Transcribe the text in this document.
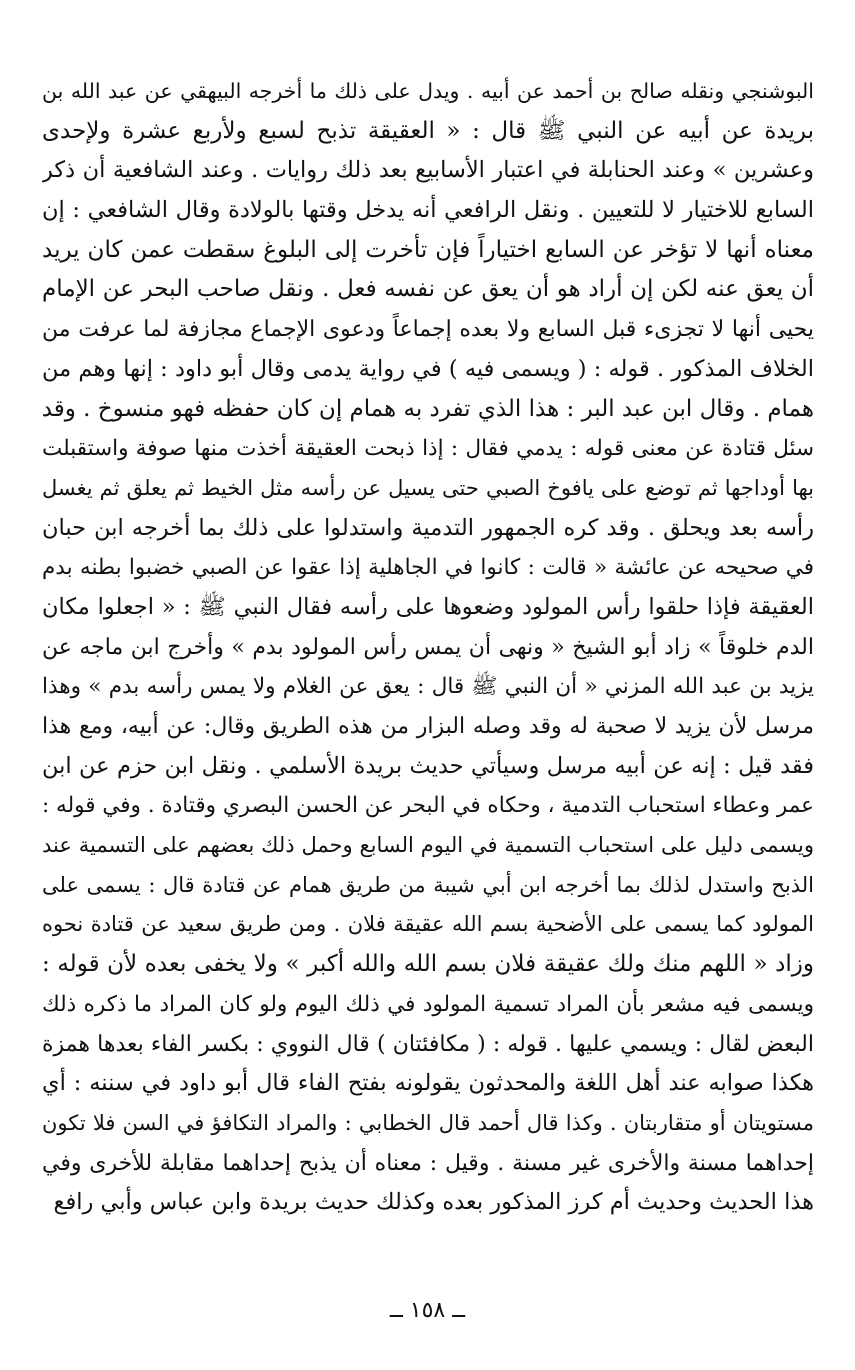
البوشنجي ونقله صالح بن أحمد عن أبيه . ويدل على ذلك ما أخرجه البيهقي عن عبد الله بن
بريدة عن أبيه عن النبي ﷺ قال : « العقيقة تذبح لسبع ولأربع عشرة ولإحدى
وعشرين » وعند الحنابلة في اعتبار الأسابيع بعد ذلك روايات . وعند الشافعية أن ذكر
السابع للاختيار لا للتعيين . ونقل الرافعي أنه يدخل وقتها بالولادة وقال الشافعي : إن
معناه أنها لا تؤخر عن السابع اختياراً فإن تأخرت إلى البلوغ سقطت عمن كان يريد
أن يعق عنه لكن إن أراد هو أن يعق عن نفسه فعل . ونقل صاحب البحر عن الإمام
يحيى أنها لا تجزىء قبل السابع ولا بعده إجماعاً ودعوى الإجماع مجازفة لما عرفت من
الخلاف المذكور . قوله : ( ويسمى فيه ) في رواية يدمى وقال أبو داود : إنها وهم من
همام . وقال ابن عبد البر : هذا الذي تفرد به همام إن كان حفظه فهو منسوخ . وقد
سئل قتادة عن معنى قوله : يدمي فقال : إذا ذبحت العقيقة أخذت منها صوفة واستقبلت
بها أوداجها ثم توضع على يافوخ الصبي حتى يسيل عن رأسه مثل الخيط ثم يعلق ثم يغسل
رأسه بعد ويحلق . وقد كره الجمهور التدمية واستدلوا على ذلك بما أخرجه ابن حبان
في صحيحه عن عائشة « قالت : كانوا في الجاهلية إذا عقوا عن الصبي خضبوا بطنه بدم
العقيقة فإذا حلقوا رأس المولود وضعوها على رأسه فقال النبي ﷺ : « اجعلوا مكان
الدم خلوقاً » زاد أبو الشيخ « ونهى أن يمس رأس المولود بدم » وأخرج ابن ماجه عن
يزيد بن عبد الله المزني « أن النبي ﷺ قال : يعق عن الغلام ولا يمس رأسه بدم » وهذا
مرسل لأن يزيد لا صحبة له وقد وصله البزار من هذه الطريق وقال: عن أبيه، ومع هذا
فقد قيل : إنه عن أبيه مرسل وسيأتي حديث بريدة الأسلمي . ونقل ابن حزم عن ابن
عمر وعطاء استحباب التدمية ، وحكاه في البحر عن الحسن البصري وقتادة . وفي قوله :
ويسمى دليل على استحباب التسمية في اليوم السابع وحمل ذلك بعضهم على التسمية عند
الذبح واستدل لذلك بما أخرجه ابن أبي شيبة من طريق همام عن قتادة قال : يسمى على
المولود كما يسمى على الأضحية بسم الله عقيقة فلان . ومن طريق سعيد عن قتادة نحوه
وزاد « اللهم منك ولك عقيقة فلان بسم الله والله أكبر » ولا يخفى بعده لأن قوله :
ويسمى فيه مشعر بأن المراد تسمية المولود في ذلك اليوم ولو كان المراد ما ذكره ذلك
البعض لقال : ويسمي عليها . قوله : ( مكافئتان ) قال النووي : بكسر الفاء بعدها همزة
هكذا صوابه عند أهل اللغة والمحدثون يقولونه بفتح الفاء قال أبو داود في سننه : أي
مستويتان أو متقاربتان . وكذا قال أحمد قال الخطابي : والمراد التكافؤ في السن فلا تكون
إحداهما مسنة والأخرى غير مسنة . وقيل : معناه أن يذبح إحداهما مقابلة للأخرى وفي
هذا الحديث وحديث أم كرز المذكور بعده وكذلك حديث بريدة وابن عباس وأبي رافع
ــ ١٥٨ ــ
